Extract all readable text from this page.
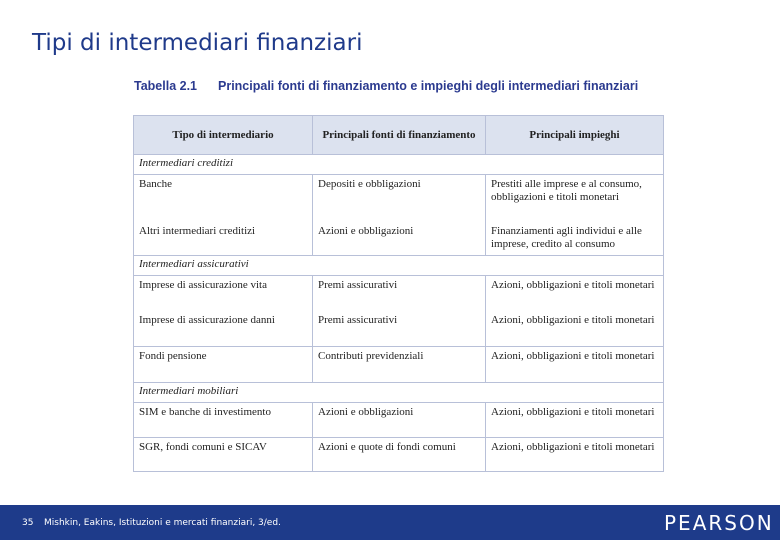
Tipi di intermediari finanziari
Tabella 2.1 Principali fonti di finanziamento e impieghi degli intermediari finanziari
Tipo di intermediario	Principali fonti di finanziamento	Principali impieghi
Intermediari creditizi		
Banche	Depositi e obbligazioni	Prestiti alle imprese e al consumo, obbligazioni e titoli monetari
Altri intermediari creditizi	Azioni e obbligazioni	Finanziamenti agli individui e alle imprese, credito al consumo
Intermediari assicurativi		
Imprese di assicurazione vita	Premi assicurativi	Azioni, obbligazioni e titoli monetari
Imprese di assicurazione danni	Premi assicurativi	Azioni, obbligazioni e titoli monetari
Fondi pensione	Contributi previdenziali	Azioni, obbligazioni e titoli monetari
Intermediari mobiliari		
SIM e banche di investimento	Azioni e obbligazioni	Azioni, obbligazioni e titoli monetari
SGR, fondi comuni e SICAV	Azioni e quote di fondi comuni	Azioni, obbligazioni e titoli monetari
35 Mishkin, Eakins, Istituzioni e mercati finanziari, 3/ed.	PEARSON
